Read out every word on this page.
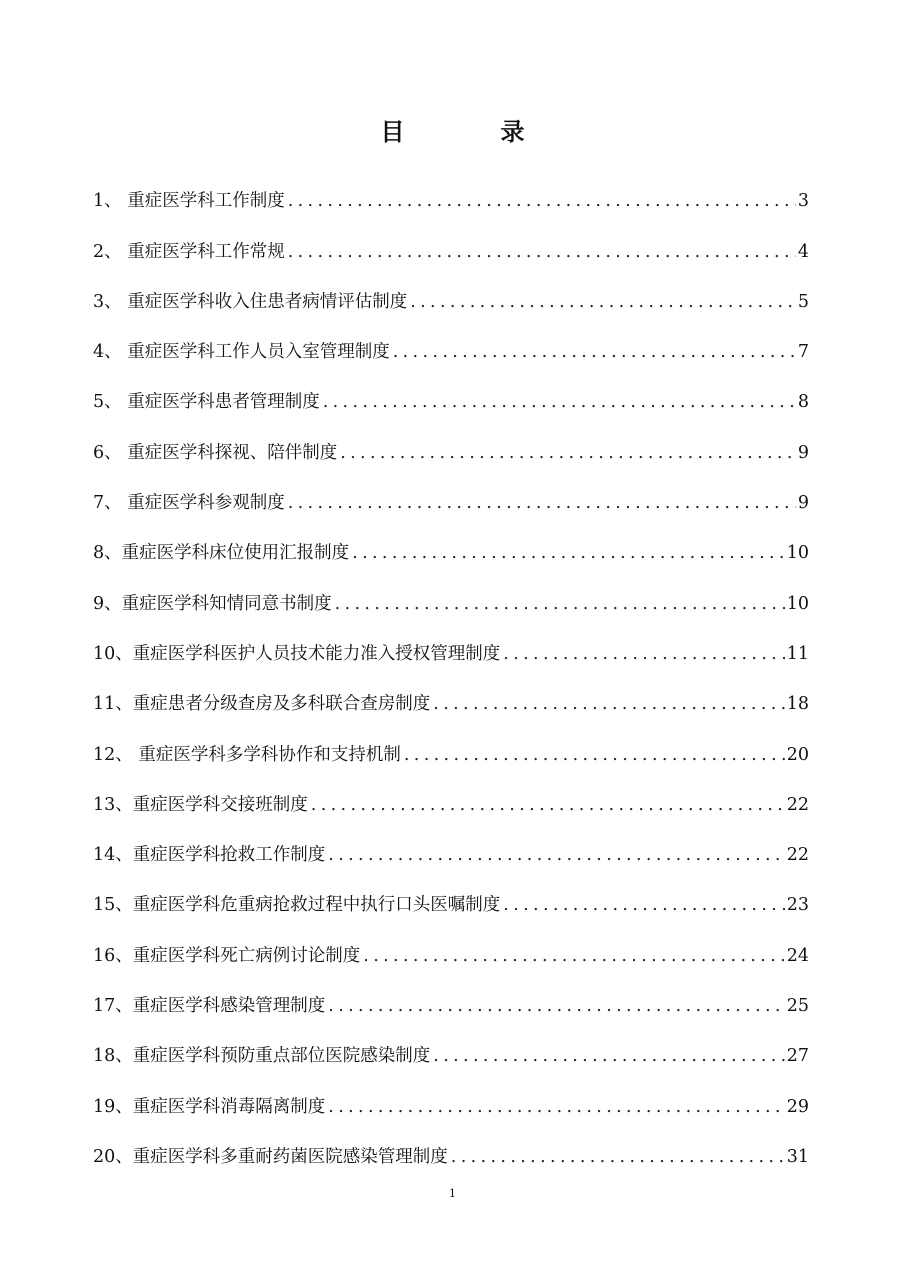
目	录
1、 重症医学科工作制度 . . .	3
2、 重症医学科工作常规 . . .	4
3、 重症医学科收入住患者病情评估制度 . . .	5
4、 重症医学科工作人员入室管理制度 . . .	7
5、 重症医学科患者管理制度 . . .	8
6、 重症医学科探视、陪伴制度 . . .	9
7、 重症医学科参观制度 . . .	9
8、重症医学科床位使用汇报制度 . . .	10
9、重症医学科知情同意书制度 . . .	10
10、重症医学科医护人员技术能力准入授权管理制度 . . .	11
11、重症患者分级查房及多科联合查房制度 . . .	18
12、 重症医学科多学科协作和支持机制 . . .	20
13、重症医学科交接班制度 . . .	22
14、重症医学科抢救工作制度 . . .	22
15、重症医学科危重病抢救过程中执行口头医嘱制度 . . .	23
16、重症医学科死亡病例讨论制度 . . .	24
17、重症医学科感染管理制度 . . .	25
18、重症医学科预防重点部位医院感染制度 . . .	27
19、重症医学科消毒隔离制度 . . .	29
20、重症医学科多重耐药菌医院感染管理制度 . . .	31
1
